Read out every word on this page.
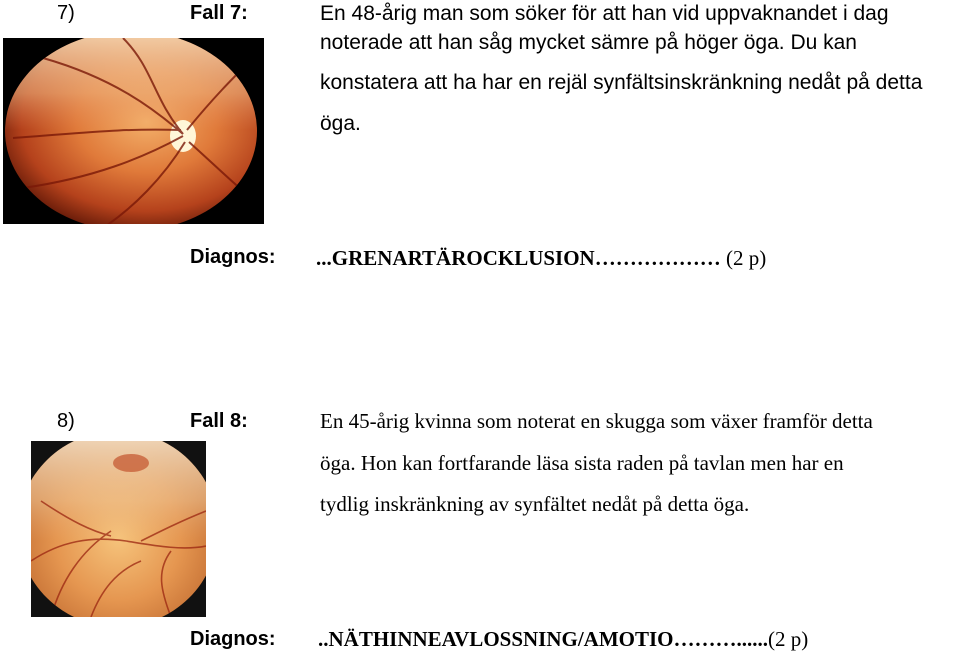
7)	Fall 7:	En 48-årig man som söker för att han vid uppvaknandet i dag
noterade att han såg mycket sämre på höger öga. Du kan
konstatera att ha har en rejäl synfältsinskränkning nedåt på detta
öga.
Diagnos: ...GRENARTÄROCKLUSION……………… (2 p)
8)	Fall 8:	En 45-årig kvinna som noterat en skugga som växer framför detta
öga. Hon kan fortfarande läsa sista raden på tavlan men har en
tydlig inskränkning av synfältet nedåt på detta öga.
Diagnos: ..NÄTHINNEAVLOSSNING/AMOTIO………......(2 p)
